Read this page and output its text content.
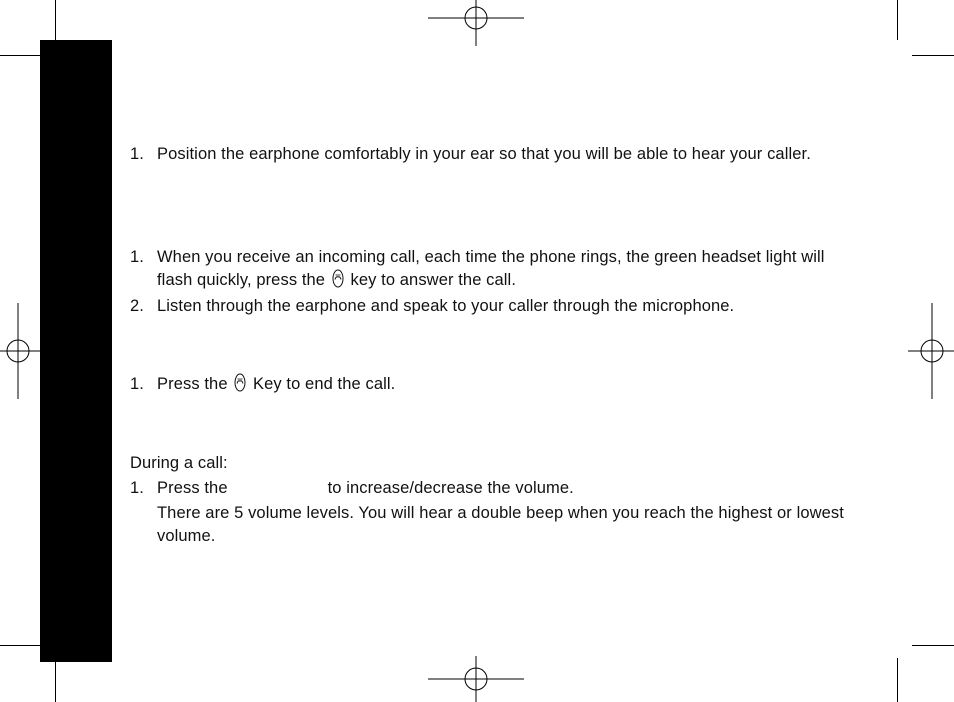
1. Position the earphone comfortably in your ear so that you will be able to hear your caller.
1. When you receive an incoming call, each time the phone rings, the green headset light will flash quickly, press the key to answer the call.
2. Listen through the earphone and speak to your caller through the microphone.
1. Press the Key to end the call.
During a call:
1. Press the	to increase/decrease the volume.
There are 5 volume levels. You will hear a double beep when you reach the highest or lowest volume.
